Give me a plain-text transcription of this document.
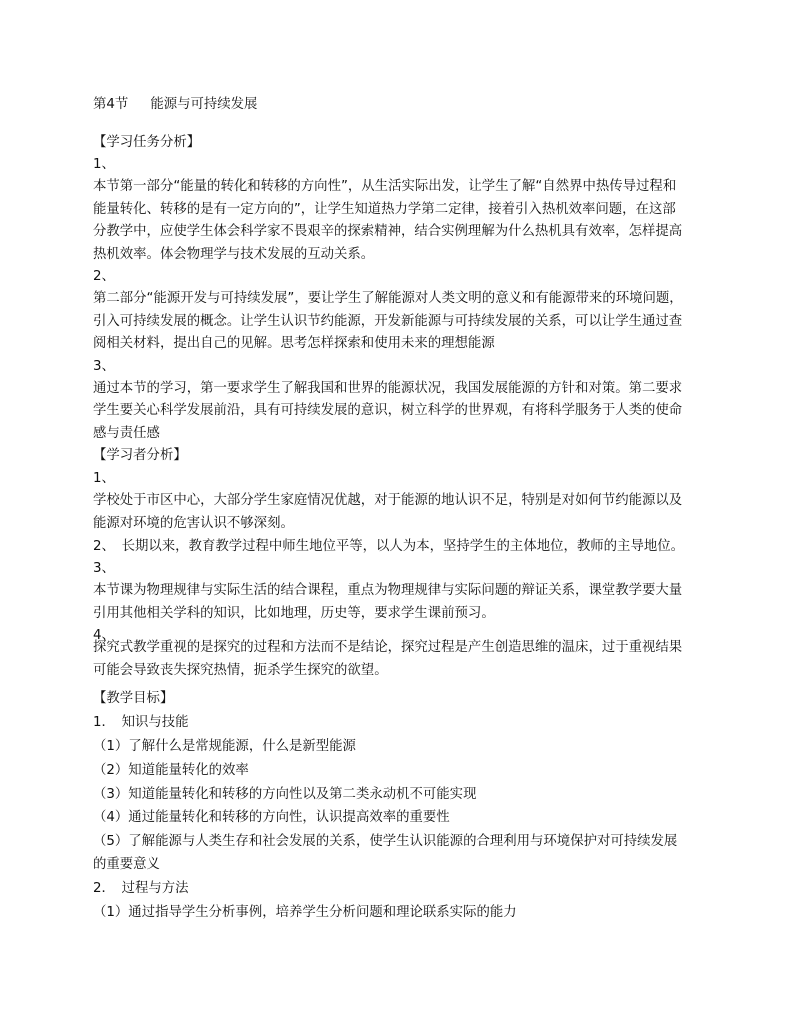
第4节 能源与可持续发展
【学习任务分析】
1、
本节第一部分“能量的转化和转移的方向性”，从生活实际出发，让学生了解“自然界中热传导过程和
能量转化、转移的是有一定方向的”，让学生知道热力学第二定律，接着引入热机效率问题，在这部
分教学中，应使学生体会科学家不畏艰辛的探索精神，结合实例理解为什么热机具有效率，怎样提高
热机效率。体会物理学与技术发展的互动关系。
2、
第二部分“能源开发与可持续发展”，要让学生了解能源对人类文明的意义和有能源带来的环境问题，
引入可持续发展的概念。让学生认识节约能源，开发新能源与可持续发展的关系，可以让学生通过查
阅相关材料，提出自己的见解。思考怎样探索和使用未来的理想能源
3、
通过本节的学习，第一要求学生了解我国和世界的能源状况，我国发展能源的方针和对策。第二要求
学生要关心科学发展前沿，具有可持续发展的意识，树立科学的世界观，有将科学服务于人类的使命
感与责任感
【学习者分析】
1、
学校处于市区中心，大部分学生家庭情况优越，对于能源的地认识不足，特别是对如何节约能源以及
能源对环境的危害认识不够深刻。
2、　长期以来，教育教学过程中师生地位平等，以人为本，坚持学生的主体地位，教师的主导地位。
3、
本节课为物理规律与实际生活的结合课程，重点为物理规律与实际问题的辩证关系，课堂教学要大量
引用其他相关学科的知识，比如地理，历史等，要求学生课前预习。
4、
探究式教学重视的是探究的过程和方法而不是结论，探究过程是产生创造思维的温床，过于重视结果
可能会导致丧失探究热情，扼杀学生探究的欲望。
【教学目标】
1．　知识与技能
（1）了解什么是常规能源，什么是新型能源
（2）知道能量转化的效率
（3）知道能量转化和转移的方向性以及第二类永动机不可能实现
（4）通过能量转化和转移的方向性，认识提高效率的重要性
（5）了解能源与人类生存和社会发展的关系，使学生认识能源的合理利用与环境保护对可持续发展
的重要意义
2．　过程与方法
（1）通过指导学生分析事例，培养学生分析问题和理论联系实际的能力
